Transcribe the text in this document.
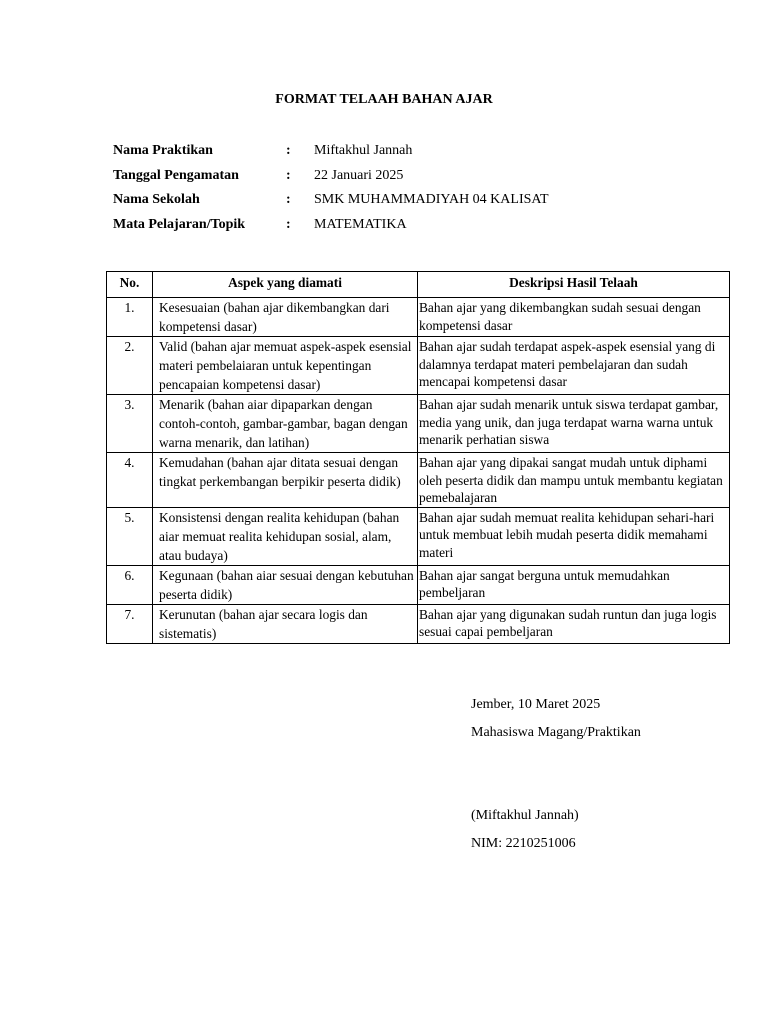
FORMAT TELAAH BAHAN AJAR
Nama Praktikan	: Miftakhul Jannah
Tanggal Pengamatan	: 22 Januari 2025
Nama Sekolah	: SMK MUHAMMADIYAH 04 KALISAT
Mata Pelajaran/Topik	: MATEMATIKA
No.	Aspek yang diamati	Deskripsi Hasil Telaah
1.	Kesesuaian (bahan ajar dikembangkan dari kompetensi dasar)	Bahan ajar yang dikembangkan sudah sesuai dengan kompetensi dasar
2.	Valid (bahan ajar memuat aspek-aspek esensial materi pembelaiaran untuk kepentingan pencapaian kompetensi dasar)	Bahan ajar sudah terdapat aspek-aspek esensial yang di dalamnya terdapat materi pembelajaran dan sudah mencapai kompetensi dasar
3.	Menarik (bahan aiar dipaparkan dengan contoh-contoh, gambar-gambar, bagan dengan warna menarik, dan latihan)	Bahan ajar sudah menarik untuk siswa terdapat gambar, media yang unik, dan juga terdapat warna warna untuk menarik perhatian siswa
4.	Kemudahan (bahan ajar ditata sesuai dengan tingkat perkembangan berpikir peserta didik)	Bahan ajar yang dipakai sangat mudah untuk diphami oleh peserta didik dan mampu untuk membantu kegiatan pemebalajaran
5.	Konsistensi dengan realita kehidupan (bahan aiar memuat realita kehidupan sosial, alam, atau budaya)	Bahan ajar sudah memuat realita kehidupan sehari-hari untuk membuat lebih mudah peserta didik memahami materi
6.	Kegunaan (bahan aiar sesuai dengan kebutuhan peserta didik)	Bahan ajar sangat berguna untuk memudahkan pembeljaran
7.	Kerunutan (bahan ajar secara logis dan sistematis)	Bahan ajar yang digunakan sudah runtun dan juga logis sesuai capai pembeljaran
Jember, 10 Maret 2025
Mahasiswa Magang/Praktikan
(Miftakhul Jannah)
NIM: 2210251006
